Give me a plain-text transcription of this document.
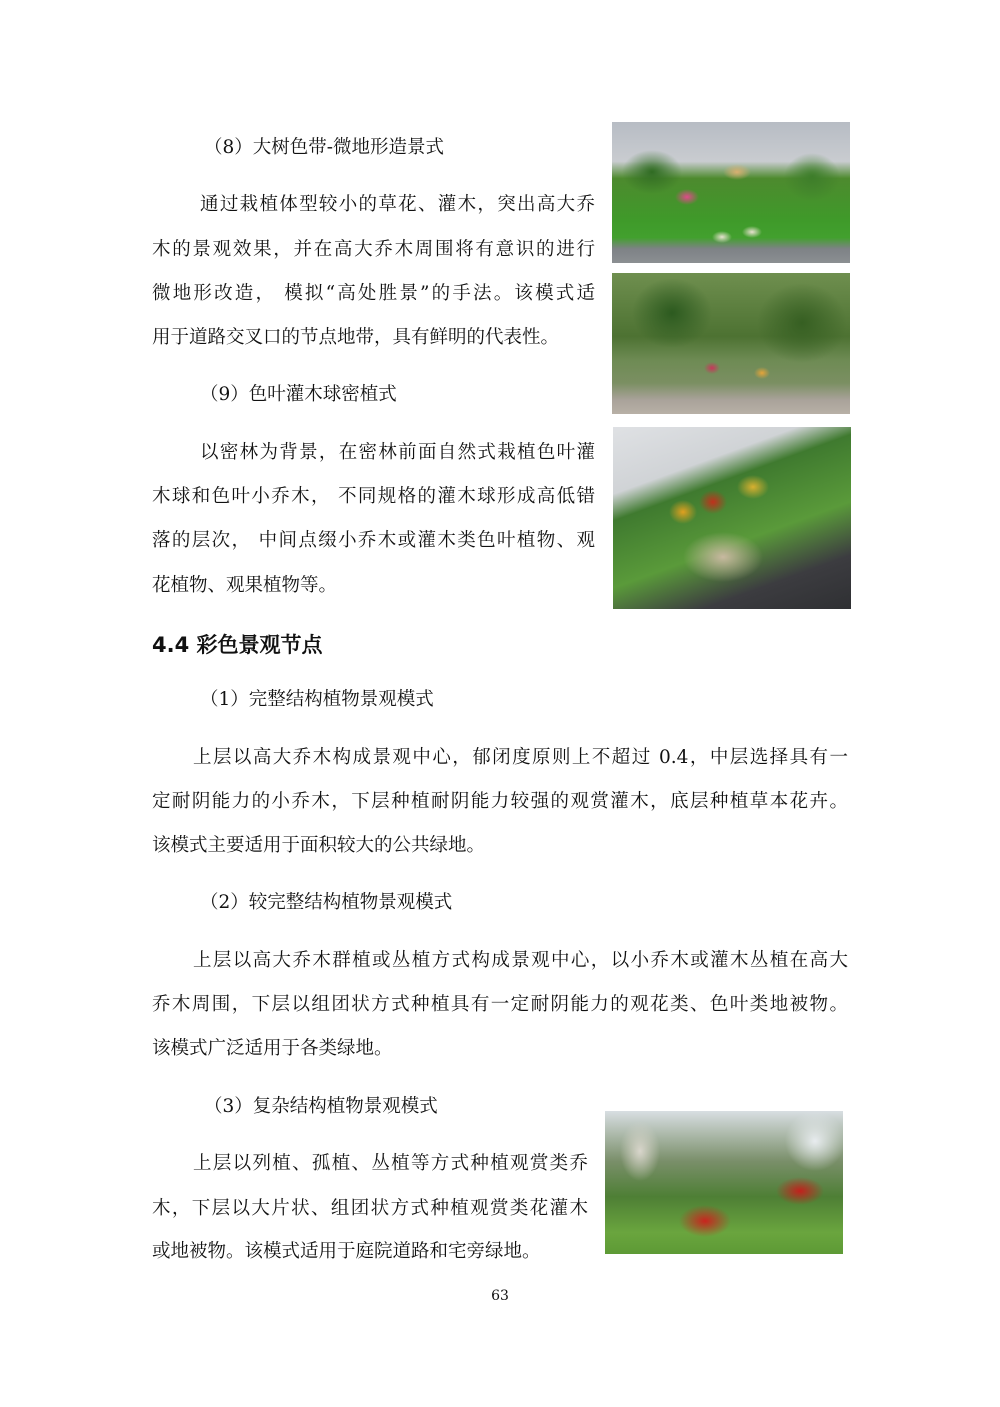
（8）大树色带-微地形造景式
通过栽植体型较小的草花、灌木，突出高大乔
木的景观效果，并在高大乔木周围将有意识的进行
微地形改造， 模拟“高处胜景”的手法。该模式适
用于道路交叉口的节点地带，具有鲜明的代表性。
（9）色叶灌木球密植式
以密林为背景，在密林前面自然式栽植色叶灌
木球和色叶小乔木， 不同规格的灌木球形成高低错
落的层次， 中间点缀小乔木或灌木类色叶植物、观
花植物、观果植物等。
4.4 彩色景观节点
（1）完整结构植物景观模式
上层以高大乔木构成景观中心，郁闭度原则上不超过 0.4，中层选择具有一
定耐阴能力的小乔木，下层种植耐阴能力较强的观赏灌木，底层种植草本花卉。
该模式主要适用于面积较大的公共绿地。
（2）较完整结构植物景观模式
上层以高大乔木群植或丛植方式构成景观中心，以小乔木或灌木丛植在高大
乔木周围，下层以组团状方式种植具有一定耐阴能力的观花类、色叶类地被物。
该模式广泛适用于各类绿地。
（3）复杂结构植物景观模式
上层以列植、孤植、丛植等方式种植观赏类乔
木，下层以大片状、组团状方式种植观赏类花灌木
或地被物。该模式适用于庭院道路和宅旁绿地。
63
